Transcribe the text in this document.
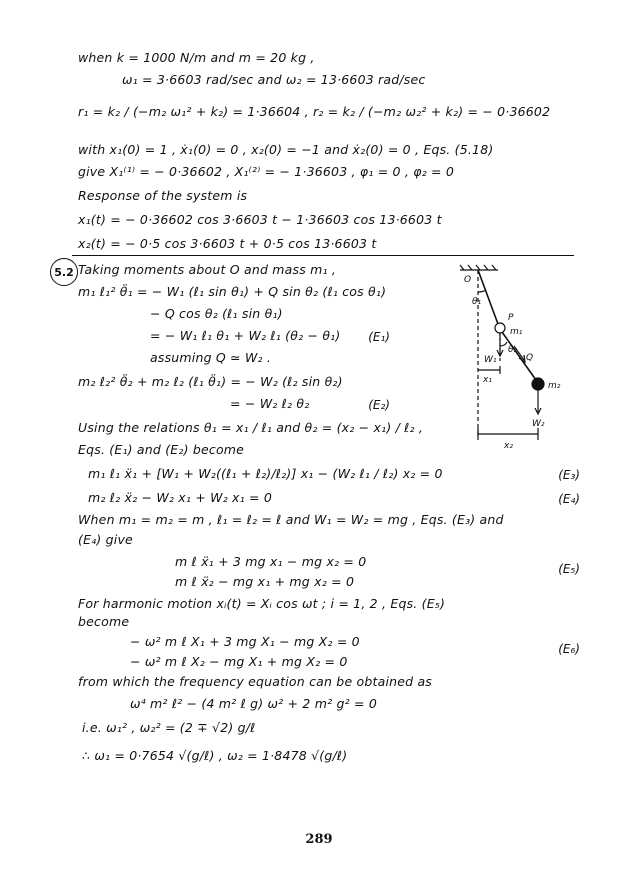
when k = 1000 N/m and m = 20 kg ,
ω₁ = 3·6603 rad/sec and ω₂ = 13·6603 rad/sec
r₁ = k₂ / (−m₂ ω₁² + k₂) = 1·36604 , r₂ = k₂ / (−m₂ ω₂² + k₂) = − 0·36602
with x₁(0) = 1 , ẋ₁(0) = 0 , x₂(0) = −1 and ẋ₂(0) = 0 , Eqs. (5.18)
give X₁⁽¹⁾ = − 0·36602 , X₁⁽²⁾ = − 1·36603 , φ₁ = 0 , φ₂ = 0
Response of the system is
x₁(t) = − 0·36602 cos 3·6603 t − 1·36603 cos 13·6603 t
x₂(t) = − 0·5 cos 3·6603 t + 0·5 cos 13·6603 t
5.2 Taking moments about O and mass m₁ ,
m₁ ℓ₁² θ̈₁ = − W₁ (ℓ₁ sin θ₁) + Q sin θ₂ (ℓ₁ cos θ₁)
− Q cos θ₂ (ℓ₁ sin θ₁)
= − W₁ ℓ₁ θ₁ + W₂ ℓ₁ (θ₂ − θ₁)	(E₁)
assuming Q ≃ W₂ .
m₂ ℓ₂² θ̈₂ + m₂ ℓ₂ (ℓ₁ θ̈₁) = − W₂ (ℓ₂ sin θ₂)
= − W₂ ℓ₂ θ₂	(E₂)
Using the relations θ₁ = x₁ / ℓ₁ and θ₂ = (x₂ − x₁) / ℓ₂ ,
Eqs. (E₁) and (E₂) become
m₁ ℓ₁ ẍ₁ + [W₁ + W₂((ℓ₁ + ℓ₂)/ℓ₂)] x₁ − (W₂ ℓ₁ / ℓ₂) x₂ = 0	(E₃)
m₂ ℓ₂ ẍ₂ − W₂ x₁ + W₂ x₁ = 0	(E₄)
When m₁ = m₂ = m , ℓ₁ = ℓ₂ = ℓ and W₁ = W₂ = mg , Eqs. (E₃) and
(E₄) give
m ℓ ẍ₁ + 3 mg x₁ − mg x₂ = 0	(E₅)
m ℓ ẍ₂ − mg x₁ + mg x₂ = 0
For harmonic motion xᵢ(t) = Xᵢ cos ωt ; i = 1, 2 , Eqs. (E₅)
become
− ω² m ℓ X₁ + 3 mg X₁ − mg X₂ = 0	(E₆)
− ω² m ℓ X₂ − mg X₁ + mg X₂ = 0
from which the frequency equation can be obtained as
ω⁴ m² ℓ² − (4 m² ℓ g) ω² + 2 m² g² = 0
i.e. ω₁² , ω₂² = (2 ∓ √2) g/ℓ
∴ ω₁ = 0·7654 √(g/ℓ) , ω₂ = 1·8478 √(g/ℓ)
O
θ₁
P
m₁
θ₂
Q
W₁
x₁
m₂
W₂
x₂
289
